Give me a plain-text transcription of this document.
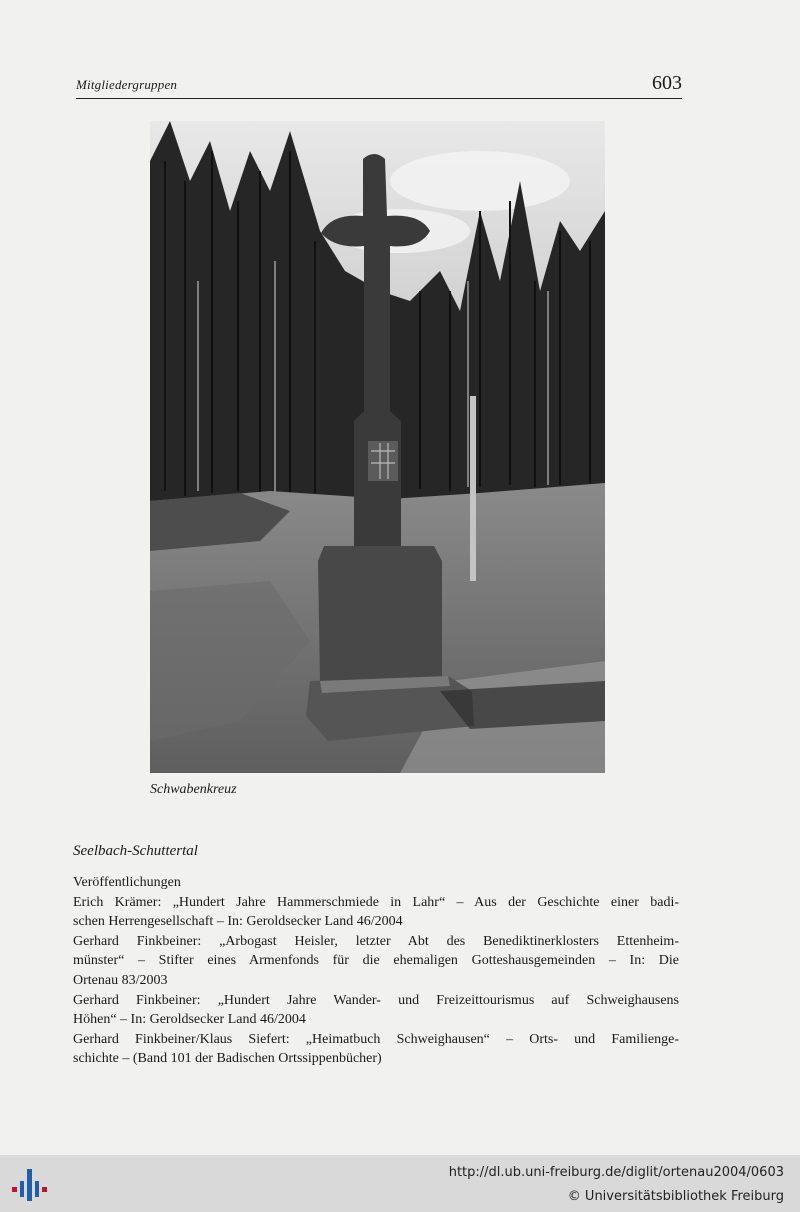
Mitgliedergruppen	603
Schwabenkreuz
Seelbach-Schuttertal
Veröffentlichungen
Erich Krämer: „Hundert Jahre Hammerschmiede in Lahr“ – Aus der Geschichte einer badi-
schen Herrengesellschaft – In: Geroldsecker Land 46/2004
Gerhard Finkbeiner: „Arbogast Heisler, letzter Abt des Benediktinerklosters Ettenheim-
münster“ – Stifter eines Armenfonds für die ehemaligen Gotteshausgemeinden – In: Die
Ortenau 83/2003
Gerhard Finkbeiner: „Hundert Jahre Wander- und Freizeittourismus auf Schweighausens
Höhen“ – In: Geroldsecker Land 46/2004
Gerhard Finkbeiner/Klaus Siefert: „Heimatbuch Schweighausen“ – Orts- und Familienge-
schichte – (Band 101 der Badischen Ortssippenbücher)
http://dl.ub.uni-freiburg.de/diglit/ortenau2004/0603
© Universitätsbibliothek Freiburg
